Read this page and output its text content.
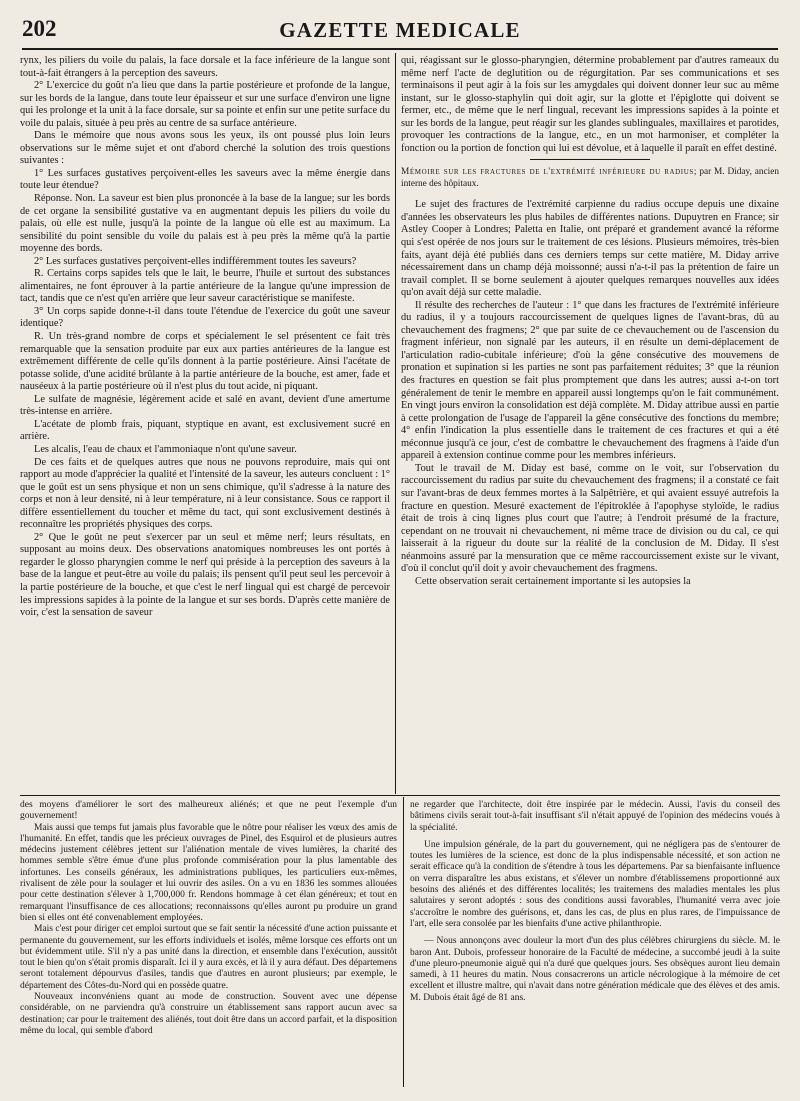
202	GAZETTE MEDICALE

rynx, les piliers du voile du palais, la face dorsale et la face inférieure de la langue sont tout-à-fait étrangers à la perception des saveurs.

2° L'exercice du goût n'a lieu que dans la partie postérieure et profonde de la langue, sur les bords de la langue, dans toute leur épaisseur et sur une surface d'environ une ligne qui les prolonge et la unit à la face dorsale, sur sa pointe et enfin sur une petite surface du voile du palais, située à peu près au centre de sa surface antérieure.

Dans le mémoire que nous avons sous les yeux, ils ont poussé plus loin leurs observations sur le même sujet et ont d'abord cherché la solution des trois questions suivantes :

1° Les surfaces gustatives perçoivent-elles les saveurs avec la même énergie dans toute leur étendue?

Réponse. Non. La saveur est bien plus prononcée à la base de la langue; sur les bords de cet organe la sensibilité gustative va en augmentant depuis les piliers du voile du palais, où elle est nulle, jusqu'à la pointe de la langue où elle est au maximum. La sensibilité du point sensible du voile du palais est à peu près la même qu'à la partie moyenne des bords.

2° Les surfaces gustatives perçoivent-elles indifféremment toutes les saveurs?

R. Certains corps sapides tels que le lait, le beurre, l'huile et surtout des substances alimentaires, ne font éprouver à la partie antérieure de la langue qu'une impression de tact, tandis que ce n'est qu'en arrière que leur saveur caractéristique se manifeste.

3° Un corps sapide donne-t-il dans toute l'étendue de l'exercice du goût une saveur identique?

R. Un très-grand nombre de corps et spécialement le sel présentent ce fait très remarquable que la sensation produite par eux aux parties antérieures de la langue est extrêmement différente de celle qu'ils donnent à la partie postérieure. Ainsi l'acétate de potasse solide, d'une acidité brûlante à la partie antérieure de la bouche, est amer, fade et nauséeux à la partie postérieure où il n'est plus du tout acide, ni piquant.

Le sulfate de magnésie, légèrement acide et salé en avant, devient d'une amertume très-intense en arrière.

L'acétate de plomb frais, piquant, styptique en avant, est exclusivement sucré en arrière.

Les alcalis, l'eau de chaux et l'ammoniaque n'ont qu'une saveur.

De ces faits et de quelques autres que nous ne pouvons reproduire, mais qui ont rapport au mode d'apprécier la qualité et l'intensité de la saveur, les auteurs concluent : 1° que le goût est un sens physique et non un sens chimique, qu'il s'adresse à la nature des corps et non à leur densité, ni à leur température, ni à leur consistance. Sous ce rapport il diffère essentiellement du toucher et même du tact, qui sont exclusivement destinés à reconnaître les propriétés physiques des corps.

2° Que le goût ne peut s'exercer par un seul et même nerf; leurs résultats, en supposant au moins deux. Des observations anatomiques nombreuses les ont portés à regarder le glosso pharyngien comme le nerf qui préside à la perception des saveurs à la base de la langue et peut-être au voile du palais; ils pensent qu'il peut seul les percevoir à la partie postérieure de la bouche, et que c'est le nerf lingual qui est chargé de percevoir les impressions sapides à la pointe de la langue et sur ses bords. D'après cette manière de voir, c'est la sensation de saveur

qui, réagissant sur le glosso-pharyngien, détermine probablement par d'autres rameaux du même nerf l'acte de deglutition ou de régurgitation. Par ses communications et ses terminaisons il peut agir à la fois sur les amygdales qui doivent donner leur suc au même instant, sur le glosso-staphylin qui doit agir, sur la glotte et l'épiglotte qui doivent se fermer, etc., de même que le nerf lingual, recevant les impressions sapides à la pointe et sur les bords de la langue, peut réagir sur les glandes sublinguales, maxillaires et parotides, provoquer les contractions de la langue, etc., en un mot harmoniser, et compléter la fonction ou la portion de fonction qui lui est dévolue, et à laquelle il paraît en effet destiné.

Mémoire sur les fractures de l'extrémité inférieure du radius; par M. Diday, ancien interne des hôpitaux.

Le sujet des fractures de l'extrémité carpienne du radius occupe depuis une dixaine d'années les observateurs les plus habiles de différentes nations. Dupuytren en France; sir Astley Cooper à Londres; Paletta en Italie, ont préparé et grandement avancé la réforme qui s'est opérée de nos jours sur le traitement de ces lésions. Plusieurs mémoires, très-bien faits, ayant déjà été publiés dans ces derniers temps sur cette matière, M. Diday arrive nécessairement dans un champ déjà moissonné; aussi n'a-t-il pas la prétention de faire un travail complet. Il se borne seulement à ajouter quelques remarques nouvelles aux idées qu'on avait déjà sur cette maladie.

Il résulte des recherches de l'auteur : 1° que dans les fractures de l'extrémité inférieure du radius, il y a toujours raccourcissement de quelques lignes de l'avant-bras, dû au chevauchement des fragmens; 2° que par suite de ce chevauchement ou de l'ascension du fragment inférieur, non signalé par les auteurs, il en résulte un demi-déplacement de l'articulation radio-cubitale inférieure; d'où la gêne consécutive des mouvemens de pronation et supination si les parties ne sont pas parfaitement réduites; 3° que la réunion des fractures en question se fait plus promptement que dans les autres; aussi a-t-on tort généralement de tenir le membre en appareil aussi longtemps qu'on le fait communément. En vingt jours environ la consolidation est déjà complète. M. Diday attribue aussi en partie à cette prolongation de l'usage de l'appareil la gêne consécutive des fonctions du membre; 4° enfin l'indication la plus essentielle dans le traitement de ces fractures et qui a été méconnue jusqu'à ce jour, c'est de combattre le chevauchement des fragmens à l'aide d'un appareil à extension continue comme pour les membres inférieurs.

Tout le travail de M. Diday est basé, comme on le voit, sur l'observation du raccourcissement du radius par suite du chevauchement des fragmens; il a constaté ce fait sur l'avant-bras de deux femmes mortes à la Salpêtrière, et qui avaient essuyé autrefois la fracture en question. Mesuré exactement de l'épitroklée à l'apophyse styloïde, le radius était de trois à cinq lignes plus court que l'autre; à l'endroit présumé de la fracture, cependant on ne trouvait ni chevauchement, ni même trace de division ou du cal, ce qui laisserait à la rigueur du doute sur la réalité de la conclusion de M. Diday. Il s'est néanmoins assuré par la mensuration que ce même raccourcissement existe sur le vivant, d'où il conclut qu'il doit y avoir chevauchement des fragmens.

Cette observation serait certainement importante si les autopsies la

des moyens d'améliorer le sort des malheureux aliénés; et que ne peut l'exemple d'un gouvernement!

Mais aussi que temps fut jamais plus favorable que le nôtre pour réaliser les vœux des amis de l'humanité. En effet, tandis que les précieux ouvrages de Pinel, des Esquirol et de plusieurs autres médecins justement célèbres jettent sur l'aliénation mentale de vives lumières, la charité des hommes semble s'être émue d'une plus profonde commisération pour la plus lamentable des infortunes. Les conseils généraux, les administrations publiques, les particuliers eux-mêmes, rivalisent de zèle pour la soulager et lui ouvrir des asiles. On a vu en 1836 les sommes allouées pour cette destination s'élever à 1,700,000 fr. Rendons hommage à cet élan généreux; et tout en remarquant l'insuffisance de ces allocations; reconnaissons qu'elles auront pu produire un grand bien si elles ont été convenablement employées.

Mais c'est pour diriger cet emploi surtout que se fait sentir la nécessité d'une action puissante et permanente du gouvernement, sur les efforts individuels et isolés, même lorsque ces efforts ont un but évidemment utile. S'il n'y a pas unité dans la direction, et ensemble dans l'exécution, aussitôt tout le bien qu'on s'était promis disparaît. Ici il y aura excès, et là il y aura défaut. Des départemens seront totalement dépourvus d'asiles, tandis que d'autres en auront plusieurs; par exemple, le département des Côtes-du-Nord qui en possède quatre.

Nouveaux inconvéniens quant au mode de construction. Souvent avec une dépense considérable, on ne parviendra qu'à construire un établissement sans rapport aucun avec sa destination; car pour le traitement des aliénés, tout doit être dans un accord parfait, et la disposition même du local, qui semble d'abord

ne regarder que l'architecte, doit être inspirée par le médecin. Aussi, l'avis du conseil des bâtimens civils serait tout-à-fait insuffisant s'il n'était appuyé de l'opinion des médecins voués à la spécialité.

Une impulsion générale, de la part du gouvernement, qui ne négligera pas de s'entourer de toutes les lumières de la science, est donc de la plus indispensable nécessité, et son action ne serait efficace qu'à la condition de s'étendre à tous les départemens. Par sa bienfaisante influence on verra disparaître les abus existans, et s'élever un nombre d'établissemens proportionné aux besoins des aliénés et des différentes localités; les traitemens des maladies mentales les plus salutaires y seront adoptés : sous des conditions aussi favorables, l'humanité verra avec joie s'accroître le nombre des guérisons, et, dans les cas, de plus en plus rares, de l'impuissance de l'art, elle sera consolée par les bienfaits d'une active philanthropie.

— Nous annonçons avec douleur la mort d'un des plus célèbres chirurgiens du siècle. M. le baron Ant. Dubois, professeur honoraire de la Faculté de médecine, a succombé jeudi à la suite d'une pleuro-pneumonie aiguë qui n'a duré que quelques jours. Ses obsèques auront lieu demain samedi, à 11 heures du matin. Nous consacrerons un article nécrologique à la mémoire de cet excellent et illustre maître, qui n'avait dans notre génération médicale que des élèves et des amis. M. Dubois était âgé de 81 ans.
